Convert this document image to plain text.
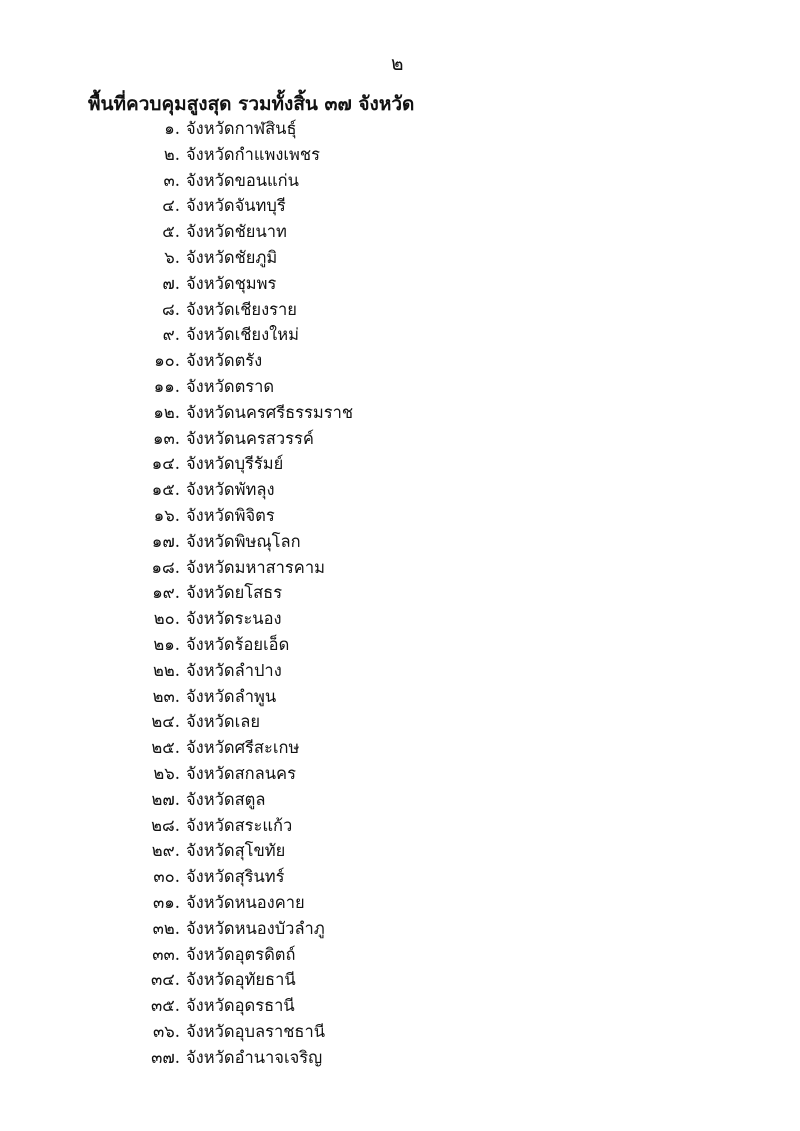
๒
พื้นที่ควบคุมสูงสุด รวมทั้งสิ้น ๓๗ จังหวัด
๑. จังหวัดกาฬสินธุ์
๒. จังหวัดกำแพงเพชร
๓. จังหวัดขอนแก่น
๔. จังหวัดจันทบุรี
๕. จังหวัดชัยนาท
๖. จังหวัดชัยภูมิ
๗. จังหวัดชุมพร
๘. จังหวัดเชียงราย
๙. จังหวัดเชียงใหม่
๑๐. จังหวัดตรัง
๑๑. จังหวัดตราด
๑๒. จังหวัดนครศรีธรรมราช
๑๓. จังหวัดนครสวรรค์
๑๔. จังหวัดบุรีรัมย์
๑๕. จังหวัดพัทลุง
๑๖. จังหวัดพิจิตร
๑๗. จังหวัดพิษณุโลก
๑๘. จังหวัดมหาสารคาม
๑๙. จังหวัดยโสธร
๒๐. จังหวัดระนอง
๒๑. จังหวัดร้อยเอ็ด
๒๒. จังหวัดลำปาง
๒๓. จังหวัดลำพูน
๒๔. จังหวัดเลย
๒๕. จังหวัดศรีสะเกษ
๒๖. จังหวัดสกลนคร
๒๗. จังหวัดสตูล
๒๘. จังหวัดสระแก้ว
๒๙. จังหวัดสุโขทัย
๓๐. จังหวัดสุรินทร์
๓๑. จังหวัดหนองคาย
๓๒. จังหวัดหนองบัวลำภู
๓๓. จังหวัดอุตรดิตถ์
๓๔. จังหวัดอุทัยธานี
๓๕. จังหวัดอุดรธานี
๓๖. จังหวัดอุบลราชธานี
๓๗. จังหวัดอำนาจเจริญ
